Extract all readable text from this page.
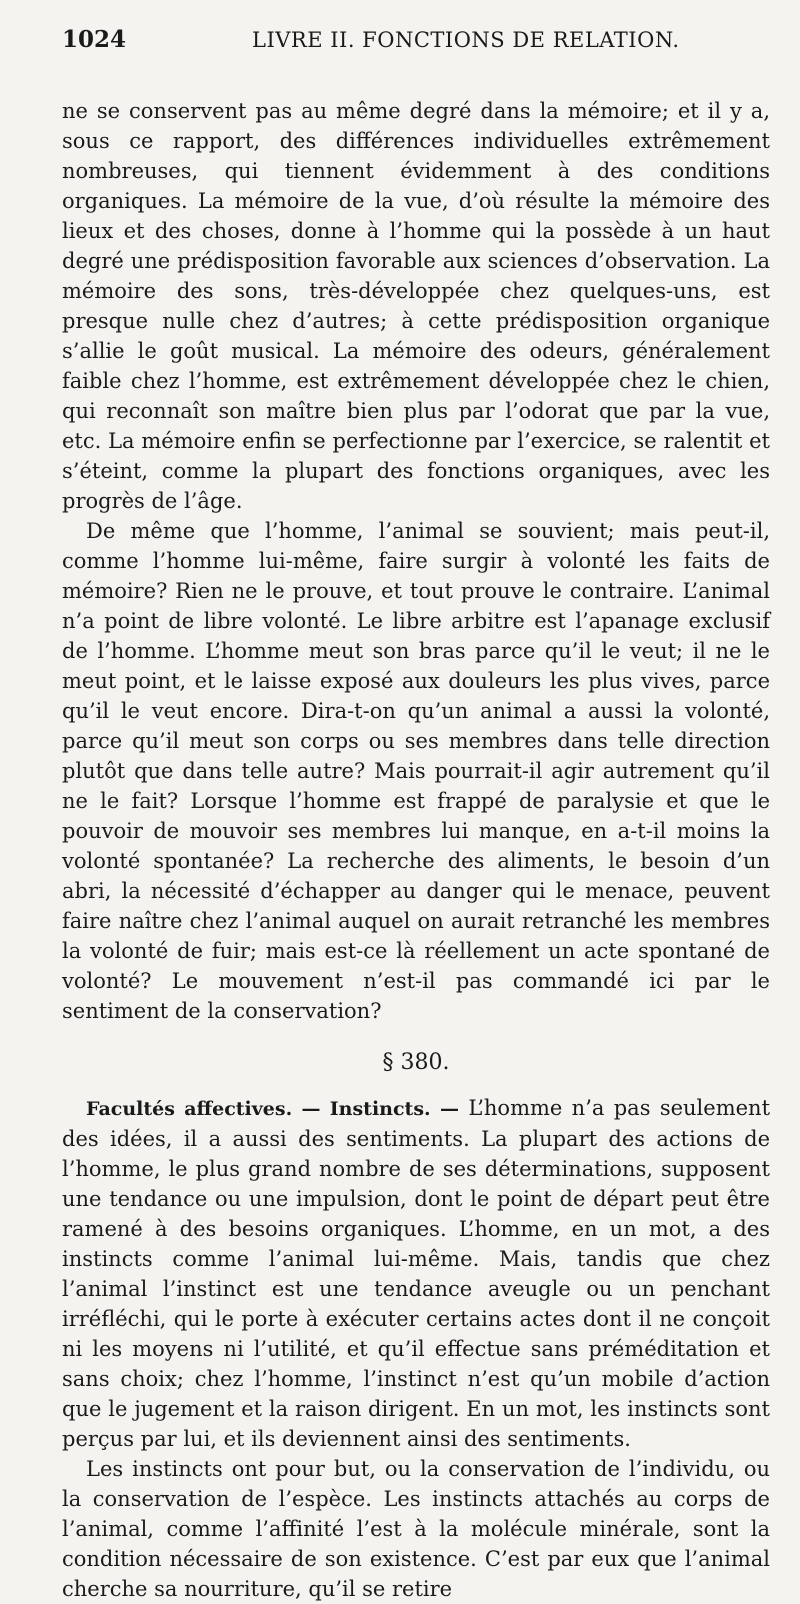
1024	LIVRE II. FONCTIONS DE RELATION.

ne se conservent pas au même degré dans la mémoire; et il y a, sous ce rapport, des différences individuelles extrêmement nombreuses, qui tiennent évidemment à des conditions organiques. La mémoire de la vue, d’où résulte la mémoire des lieux et des choses, donne à l’homme qui la possède à un haut degré une prédisposition favorable aux sciences d’observation. La mémoire des sons, très-développée chez quelques-uns, est presque nulle chez d’autres; à cette prédisposition organique s’allie le goût musical. La mémoire des odeurs, généralement faible chez l’homme, est extrêmement développée chez le chien, qui reconnaît son maître bien plus par l’odorat que par la vue, etc. La mémoire enfin se perfectionne par l’exercice, se ralentit et s’éteint, comme la plupart des fonctions organiques, avec les progrès de l’âge.

De même que l’homme, l’animal se souvient; mais peut-il, comme l’homme lui-même, faire surgir à volonté les faits de mémoire? Rien ne le prouve, et tout prouve le contraire. L’animal n’a point de libre volonté. Le libre arbitre est l’apanage exclusif de l’homme. L’homme meut son bras parce qu’il le veut; il ne le meut point, et le laisse exposé aux douleurs les plus vives, parce qu’il le veut encore. Dira-t-on qu’un animal a aussi la volonté, parce qu’il meut son corps ou ses membres dans telle direction plutôt que dans telle autre? Mais pourrait-il agir autrement qu’il ne le fait? Lorsque l’homme est frappé de paralysie et que le pouvoir de mouvoir ses membres lui manque, en a-t-il moins la volonté spontanée? La recherche des aliments, le besoin d’un abri, la nécessité d’échapper au danger qui le menace, peuvent faire naître chez l’animal auquel on aurait retranché les membres la volonté de fuir; mais est-ce là réellement un acte spontané de volonté? Le mouvement n’est-il pas commandé ici par le sentiment de la conservation?

§ 380.

Facultés affectives. — Instincts. — L’homme n’a pas seulement des idées, il a aussi des sentiments. La plupart des actions de l’homme, le plus grand nombre de ses déterminations, supposent une tendance ou une impulsion, dont le point de départ peut être ramené à des besoins organiques. L’homme, en un mot, a des instincts comme l’animal lui-même. Mais, tandis que chez l’animal l’instinct est une tendance aveugle ou un penchant irréfléchi, qui le porte à exécuter certains actes dont il ne conçoit ni les moyens ni l’utilité, et qu’il effectue sans préméditation et sans choix; chez l’homme, l’instinct n’est qu’un mobile d’action que le jugement et la raison dirigent. En un mot, les instincts sont perçus par lui, et ils deviennent ainsi des sentiments.

Les instincts ont pour but, ou la conservation de l’individu, ou la conservation de l’espèce. Les instincts attachés au corps de l’animal, comme l’affinité l’est à la molécule minérale, sont la condition nécessaire de son existence. C’est par eux que l’animal cherche sa nourriture, qu’il se retire
